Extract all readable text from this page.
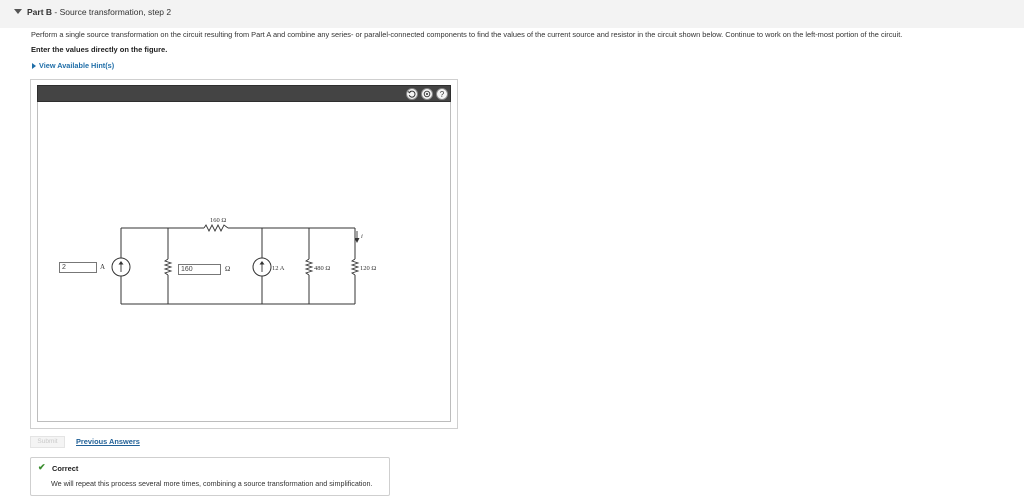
Part B - Source transformation, step 2
Perform a single source transformation on the circuit resulting from Part A and combine any series- or parallel-connected components to find the values of the current source and resistor in the circuit shown below. Continue to work on the left-most portion of the circuit.
Enter the values directly on the figure.
View Available Hint(s)
?
160 Ω
12 A	480 Ω	120 Ω
i
2	A	160	Ω
Submit	Previous Answers
✔ Correct
We will repeat this process several more times, combining a source transformation and simplification.
